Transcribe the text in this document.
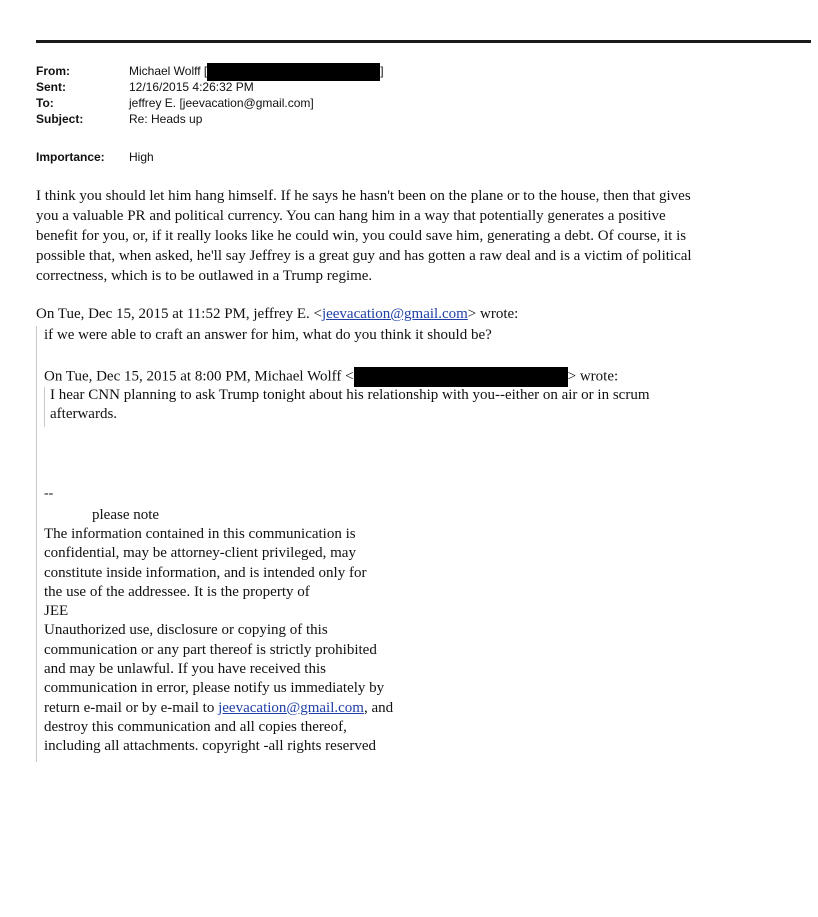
From:	Michael Wolff [	]
Sent:	12/16/2015 4:26:32 PM
To:	jeffrey E. [jeevacation@gmail.com]
Subject:	Re: Heads up
Importance: High
I think you should let him hang himself. If he says he hasn't been on the plane or to the house, then that gives
you a valuable PR and political currency. You can hang him in a way that potentially generates a positive
benefit for you, or, if it really looks like he could win, you could save him, generating a debt. Of course, it is
possible that, when asked, he'll say Jeffrey is a great guy and has gotten a raw deal and is a victim of political
correctness, which is to be outlawed in a Trump regime.
On Tue, Dec 15, 2015 at 11:52 PM, jeffrey E. <jeevacation@gmail.com> wrote:
if we were able to craft an answer for him, what do you think it should be?
On Tue, Dec 15, 2015 at 8:00 PM, Michael Wolff <	> wrote:
I hear CNN planning to ask Trump tonight about his relationship with you--either on air or in scrum
afterwards.
--
please note
The information contained in this communication is
confidential, may be attorney-client privileged, may
constitute inside information, and is intended only for
the use of the addressee. It is the property of
JEE
Unauthorized use, disclosure or copying of this
communication or any part thereof is strictly prohibited
and may be unlawful. If you have received this
communication in error, please notify us immediately by
return e-mail or by e-mail to jeevacation@gmail.com, and
destroy this communication and all copies thereof,
including all attachments. copyright -all rights reserved
